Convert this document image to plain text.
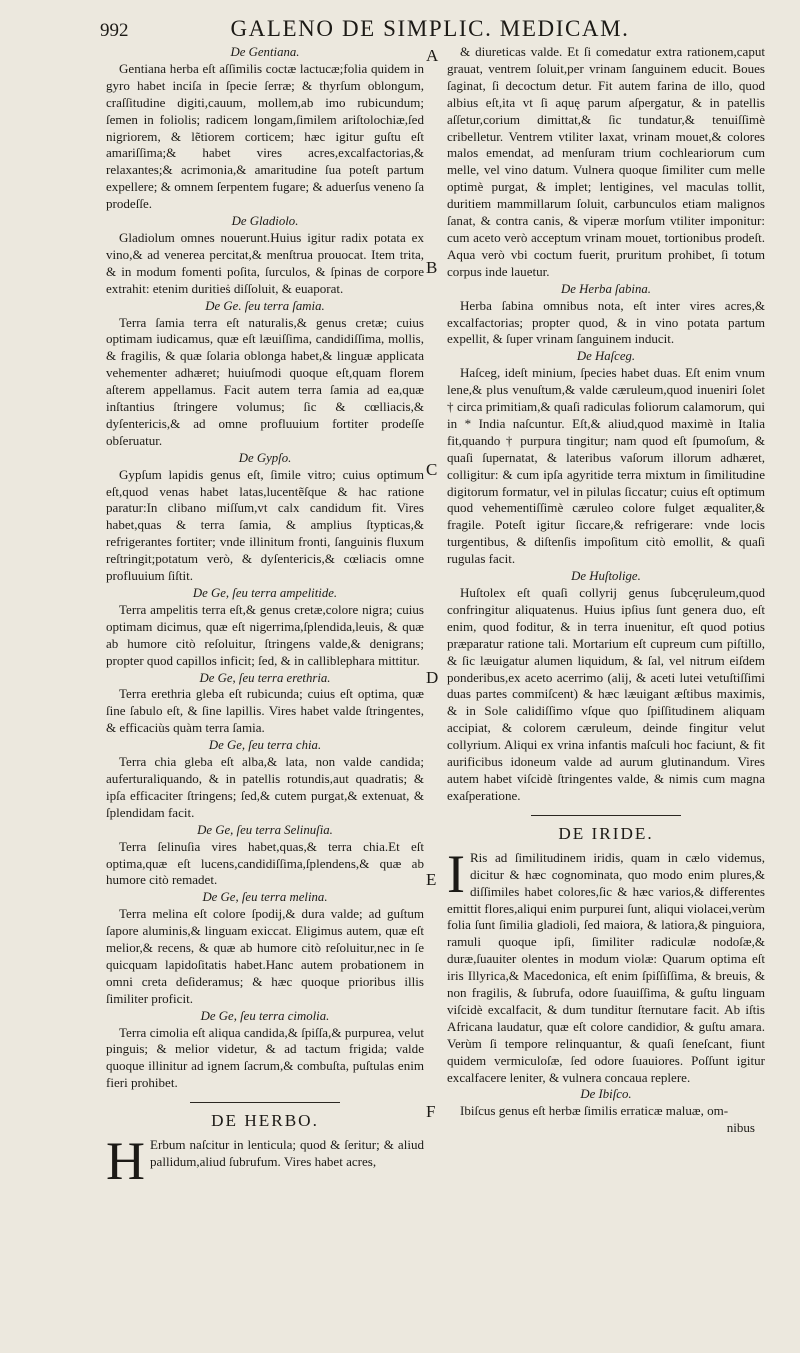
992	GALENO DE SIMPLIC. MEDICAM.

De Gentiana.

Gentiana herba eſt aſſimilis coctæ lactucæ;folia quidem in gyro habet inciſa in ſpecie ſerræ; & thyrſum oblongum, craſſitudine digiti,cauum, mollem,ab imo rubicundum; ſemen in foliolis; radicem longam,ſimilem ariſtolochiæ,ſed nigriorem, & lẽtiorem corticem; hæc igitur guſtu eſt amariſſima;& habet vires acres,excalfactorias,& relaxantes;& acrimonia,& amaritudine ſua poteſt partum expellere; & omnem ſerpentem fugare; & aduerſus veneno ſa prodeſſe.

De Gladiolo.

Gladiolum omnes nouerunt.Huius igitur radix potata ex vino,& ad venerea percitat,& menſtrua prouocat. Item trita, & in modum fomenti poſita, ſurculos, & ſpinas de corpore extrahit: etenim duritieṡ diſſoluit, & euaporat.

De Ge. ſeu terra ſamia.

Terra ſamia terra eſt naturalis,& genus cretæ; cuius optimam iudicamus, quæ eſt læuiſſima, candidiſſima, mollis, & fragilis, & quæ ſolaria oblonga habet,& linguæ applicata vehementer adhæret; huiuſmodi quoque eſt,quam florem aſterem appellamus. Facit autem terra ſamia ad ea,quæ inſtantius ſtringere volumus; ſic & cœlliacis,& dyſentericis,& ad omne profluuium fortiter prodeſſe obſeruatur.

De Gypſo.

Gypſum lapidis genus eſt, ſimile vitro; cuius optimum eſt,quod venas habet latas,lucentẽſque & hac ratione paratur:In clibano miſſum,vt calx candidum fit. Vires habet,quas & terra ſamia, & amplius ſtypticas,& refrigerantes fortiter; vnde illinitum fronti, ſanguinis fluxum reſtringit;potatum verò, & dyſentericis,& cœliacis omne profluuium ſiſtit.

De Ge, ſeu terra ampelitide.

Terra ampelitis terra eſt,& genus cretæ,colore nigra; cuius optimam dicimus, quæ eſt nigerrima,ſplendida,leuis, & quæ ab humore citò reſoluitur, ſtringens valde,& denigrans; propter quod capillos inficit; ſed, & in calliblephara mittitur.

De Ge, ſeu terra erethria.

Terra erethria gleba eſt rubicunda; cuius eſt optima, quæ ſine ſabulo eſt, & ſine lapillis. Vires habet valde ſtringentes, & efficaciùs quàm terra ſamia.

De Ge, ſeu terra chia.

Terra chia gleba eſt alba,& lata, non valde candida; auferturaliquando, & in patellis rotundis,aut quadratis; & ipſa efficaciter ſtringens; ſed,& cutem purgat,& extenuat, & ſplendidam facit.

De Ge, ſeu terra Selinuſia.

Terra ſelinuſia vires habet,quas,& terra chia.Et eſt optima,quæ eſt lucens,candidiſſima,ſplendens,& quæ ab humore citò remadet.

De Ge, ſeu terra melina.

Terra melina eſt colore ſpodij,& dura valde; ad guſtum ſapore aluminis,& linguam exiccat. Eligimus autem, quæ eſt melior,& recens, & quæ ab humore citò reſoluitur,nec in ſe quicquam lapidoſitatis habet.Hanc autem probationem in omni creta deſideramus; & hæc quoque prioribus illis ſimiliter proficit.

De Ge, ſeu terra cimolia.

Terra cimolia eſt aliqua candida,& ſpiſſa,& purpurea, velut pinguis; & melior videtur, & ad tactum frigida; valde quoque illinitur ad ignem ſacrum,& combuſta, puſtulas enim fieri prohibet.

DE HERBO.

H Erbum naſcitur in lenticula; quod & ſeritur; & aliud pallidum,aliud ſubrufum. Vires habet acres,

& diureticas valde. Et ſi comedatur extra rationem,caput grauat, ventrem ſoluit,per vrinam ſanguinem educit. Boues ſaginat, ſi decoctum detur. Fit autem farina de illo, quod albius eſt,ita vt ſi aquę parum aſpergatur, & in patellis aſſetur,corium dimittat,& ſic tundatur,& tenuiſſimè cribelletur. Ventrem vtiliter laxat, vrinam mouet,& colores malos emendat, ad menſuram trium cochleariorum cum melle, vel vino datum. Vulnera quoque ſimiliter cum melle optimè purgat, & implet; lentigines, vel maculas tollit, duritiem mammillarum ſoluit, carbunculos etiam malignos ſanat, & contra canis, & viperæ morſum vtiliter imponitur: cum aceto verò acceptum vrinam mouet, tortionibus prodeſt. Aqua verò vbi coctum fuerit, pruritum prohibet, ſi totum corpus inde lauetur.

De Herba ſabina.

Herba ſabina omnibus nota, eſt inter vires acres,& excalfactorias; propter quod, & in vino potata partum expellit, & ſuper vrinam ſanguinem inducit.

De Haſceg.

Haſceg, ideſt minium, ſpecies habet duas. Eſt enim vnum lene,& plus venuſtum,& valde cæruleum,quod inueniri ſolet † circa primitiam,& quaſi radiculas foliorum calamorum, qui in * India naſcuntur. Eſt,& aliud,quod maximè in Italia fit,quando † purpura tingitur; nam quod eſt ſpumoſum, & quaſi ſupernatat, & lateribus vaſorum illorum adhæret, colligitur: & cum ipſa agyritide terra mixtum in ſimilitudine digitorum formatur, vel in pilulas ſiccatur; cuius eſt optimum quod vehementiſſimè cæruleo colore fulget æqualiter,& fragile. Poteſt igitur ſiccare,& refrigerare: vnde locis turgentibus, & diſtenſis impoſitum citò emollit, & quaſi rugulas facit.

De Huſtolige.

Huſtolex eſt quaſi collyrij genus ſubcęruleum,quod confringitur aliquatenus. Huius ipſius ſunt genera duo, eſt enim, quod foditur, & in terra inuenitur, eſt quod potius præparatur ratione tali. Mortarium eſt cupreum cum piſtillo, & ſic læuigatur alumen liquidum, & ſal, vel nitrum eiſdem ponderibus,ex aceto acerrimo (alij, & aceti lutei vetuſtiſſimi duas partes commiſcent) & hæc læuigant æſtibus maximis, & in Sole calidiſſimo vſque quo ſpiſſitudinem aliquam accipiat, & colorem cæruleum, deinde fingitur velut collyrium. Aliqui ex vrina infantis maſculi hoc faciunt, & fit aurificibus idoneum valde ad aurum glutinandum. Vires autem habet viſcidè ſtringentes valde, & nimis cum magna exaſperatione.

DE IRIDE.

I Ris ad ſimilitudinem iridis, quam in cælo videmus, dicitur & hæc cognominata, quo modo enim plures,& diſſimiles habet colores,ſic & hæc varios,& differentes emittit flores,aliqui enim purpurei ſunt, aliqui violacei,verùm folia ſunt ſimilia gladioli, ſed maiora, & latiora,& pinguiora, ramuli quoque ipſi, ſimiliter radiculæ nodoſæ,& duræ,ſuauiter olentes in modum violæ: Quarum optima eſt iris Illyrica,& Macedonica, eſt enim ſpiſſiſſima, & breuis, & non fragilis, & ſubrufa, odore ſuauiſſima, & guſtu linguam viſcidè excalfacit, & dum tunditur ſternutare facit. Ab iſtis Africana laudatur, quæ eſt colore candidior, & guſtu amara. Verùm ſi tempore relinquantur, & quaſi ſeneſcant, fiunt quidem vermiculoſæ, ſed odore ſuauiores. Poſſunt igitur excalfacere leniter, & vulnera concaua replere.

De Ibiſco.

Ibiſcus genus eſt herbæ ſimilis erraticæ maluæ, om-

nibus

A
B
C
D
E
F
